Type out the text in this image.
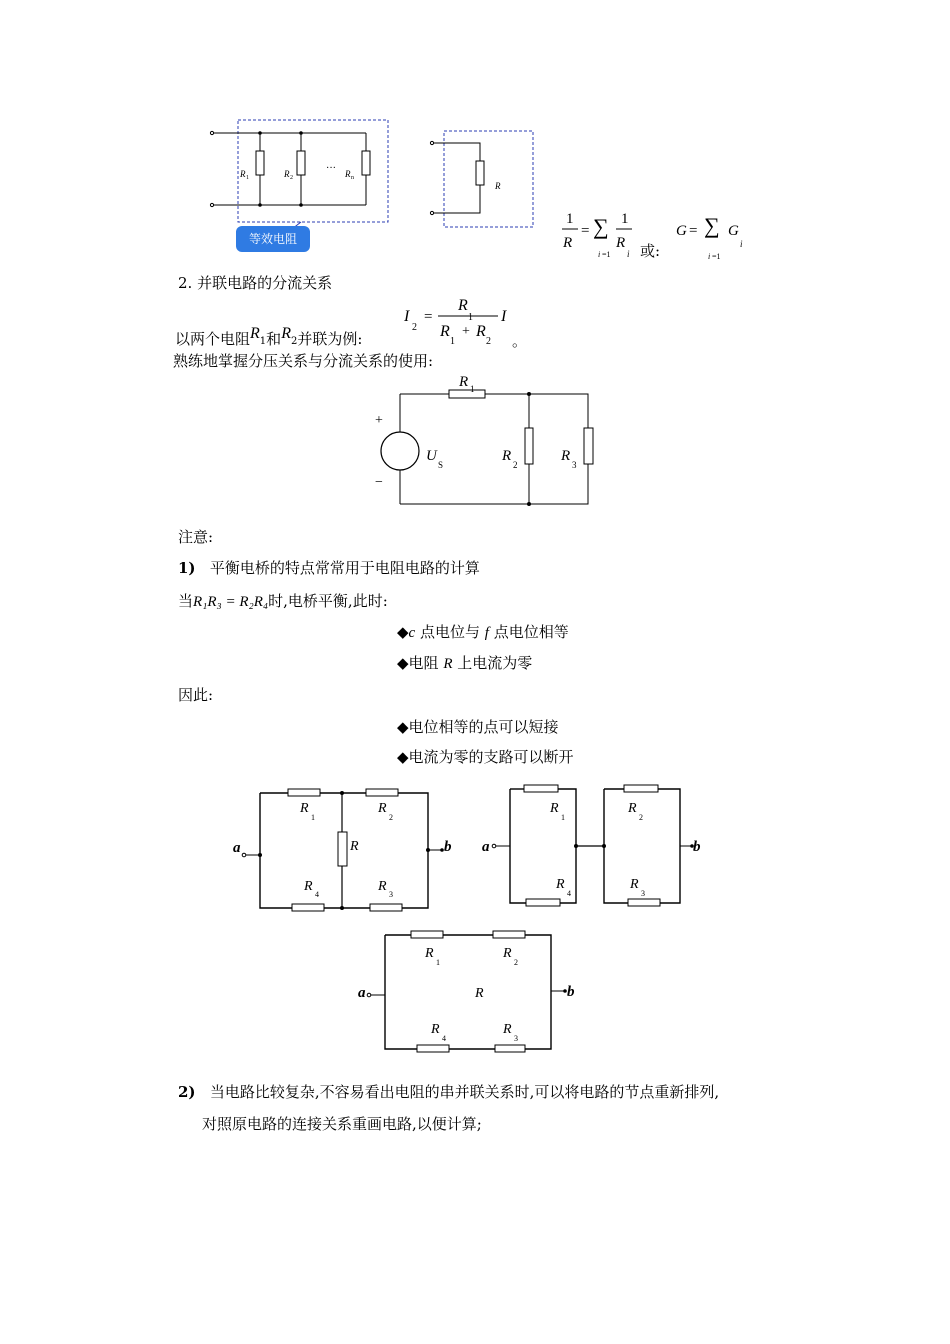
R 1	R 2
··· R n
R
等效电阻
1
R
= ∑
i =1
1
R
i 或:
G = ∑
i =1
G
i
2. 并联电路的分流关系
以两个电阻R1和R2并联为例:
I
2
=
R
1
R
1
+ R
2
I
。
熟练地掌握分压关系与分流关系的使用:
R 1
+
−
U
S
R
2
R
3
注意:
1) 平衡电桥的特点常常用于电阻电路的计算
当R₁R₃ = R₂R₄时,电桥平衡,此时:
◆c 点电位与 f 点电位相等
◆电阻 R 上电流为零
因此:
◆电位相等的点可以短接
◆电流为零的支路可以断开
a	b
R
1
R
2
R
R
4
R
3
a	b
R
1
R
2
R
4
R
3
a	b
R
1
R
2
R
R
4
R
3
2) 当电路比较复杂,不容易看出电阻的串并联关系时,可以将电路的节点重新排列,
对照原电路的连接关系重画电路,以便计算;
